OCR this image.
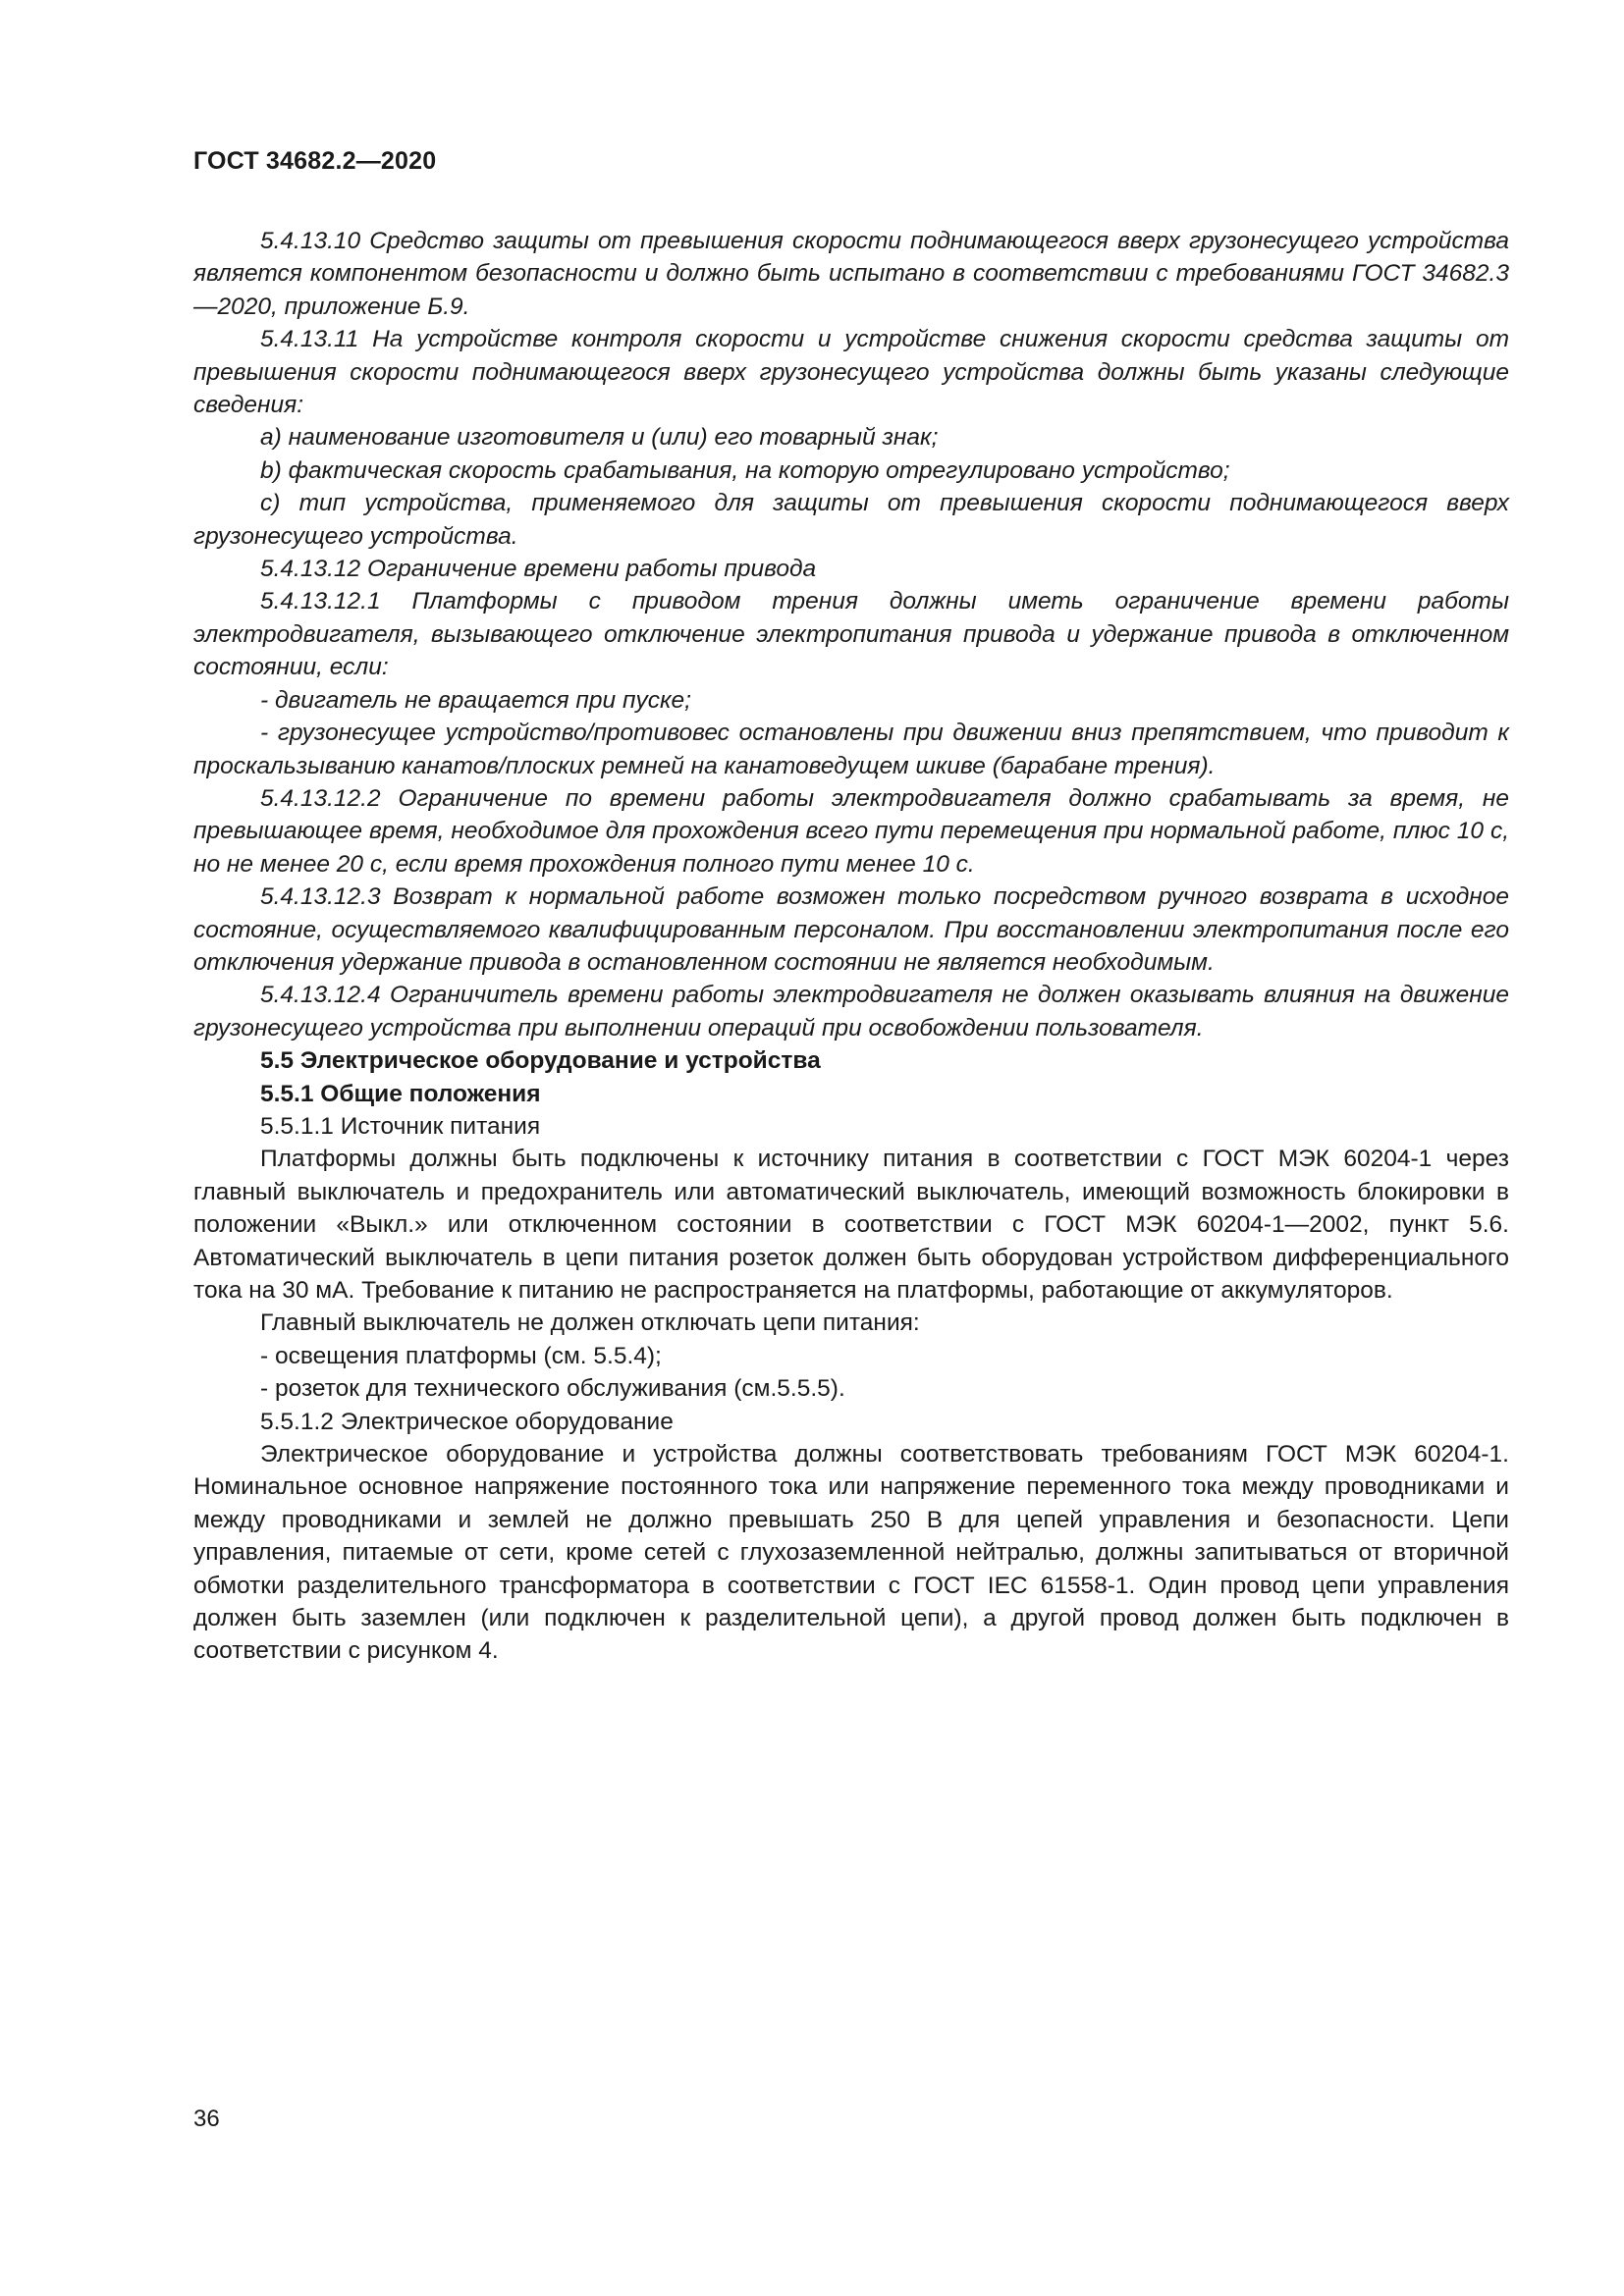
ГОСТ 34682.2—2020

5.4.13.10 Средство защиты от превышения скорости поднимающегося вверх грузонесущего устройства является компонентом безопасности и должно быть испытано в соответствии с требованиями ГОСТ 34682.3—2020, приложение Б.9.

5.4.13.11 На устройстве контроля скорости и устройстве снижения скорости средства защиты от превышения скорости поднимающегося вверх грузонесущего устройства должны быть указаны следующие сведения:

a) наименование изготовителя и (или) его товарный знак;

b) фактическая скорость срабатывания, на которую отрегулировано устройство;

c) тип устройства, применяемого для защиты от превышения скорости поднимающегося вверх грузонесущего устройства.

5.4.13.12 Ограничение времени работы привода

5.4.13.12.1 Платформы с приводом трения должны иметь ограничение времени работы электродвигателя, вызывающего отключение электропитания привода и удержание привода в отключенном состоянии, если:

- двигатель не вращается при пуске;

- грузонесущее устройство/противовес остановлены при движении вниз препятствием, что приводит к проскальзыванию канатов/плоских ремней на канатоведущем шкиве (барабане трения).

5.4.13.12.2 Ограничение по времени работы электродвигателя должно срабатывать за время, не превышающее время, необходимое для прохождения всего пути перемещения при нормальной работе, плюс 10 с, но не менее 20 с, если время прохождения полного пути менее 10 с.

5.4.13.12.3 Возврат к нормальной работе возможен только посредством ручного возврата в исходное состояние, осуществляемого квалифицированным персоналом. При восстановлении электропитания после его отключения удержание привода в остановленном состоянии не является необходимым.

5.4.13.12.4 Ограничитель времени работы электродвигателя не должен оказывать влияния на движение грузонесущего устройства при выполнении операций при освобождении пользователя.

5.5 Электрическое оборудование и устройства

5.5.1 Общие положения

5.5.1.1 Источник питания

Платформы должны быть подключены к источнику питания в соответствии с ГОСТ МЭК 60204-1 через главный выключатель и предохранитель или автоматический выключатель, имеющий возможность блокировки в положении «Выкл.» или отключенном состоянии в соответствии с ГОСТ МЭК 60204-1—2002, пункт 5.6. Автоматический выключатель в цепи питания розеток должен быть оборудован устройством дифференциального тока на 30 мА. Требование к питанию не распространяется на платформы, работающие от аккумуляторов.

Главный выключатель не должен отключать цепи питания:

- освещения платформы (см. 5.5.4);

- розеток для технического обслуживания (см.5.5.5).

5.5.1.2 Электрическое оборудование

Электрическое оборудование и устройства должны соответствовать требованиям ГОСТ МЭК 60204-1. Номинальное основное напряжение постоянного тока или напряжение переменного тока между проводниками и между проводниками и землей не должно превышать 250 В для цепей управления и безопасности. Цепи управления, питаемые от сети, кроме сетей с глухозаземленной нейтралью, должны запитываться от вторичной обмотки разделительного трансформатора в соответствии с ГОСТ IEC 61558-1. Один провод цепи управления должен быть заземлен (или подключен к разделительной цепи), а другой провод должен быть подключен в соответствии с рисунком 4.

36
